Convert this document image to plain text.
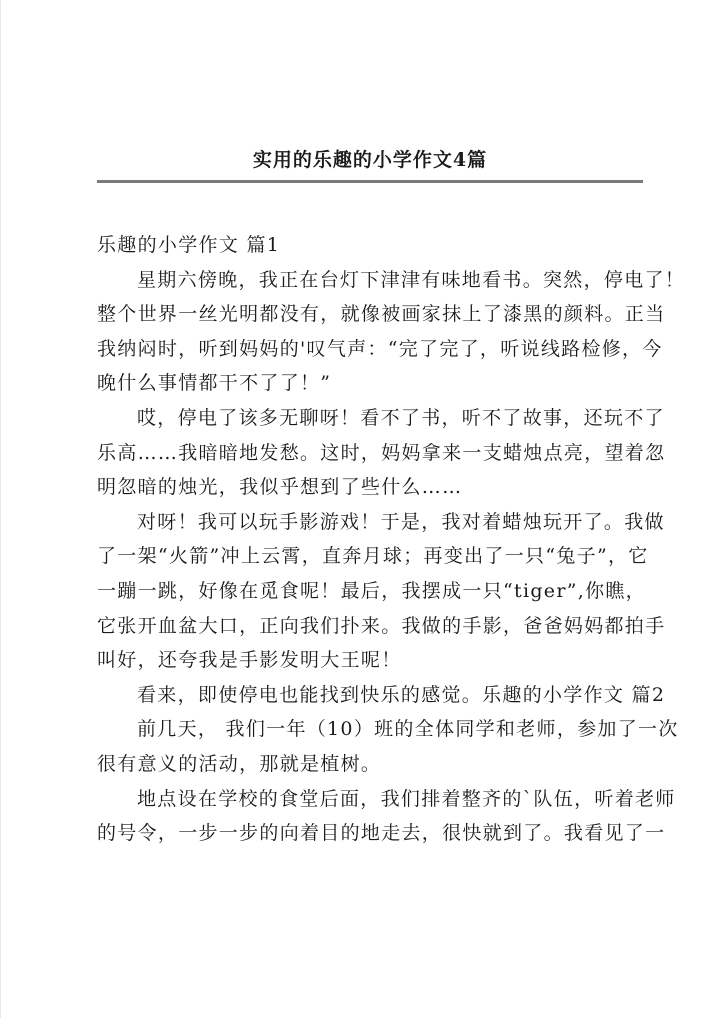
实用的乐趣的小学作文4篇
乐趣的小学作文 篇1
星期六傍晚，我正在台灯下津津有味地看书。突然，停电了！
整个世界一丝光明都没有，就像被画家抹上了漆黑的颜料。正当
我纳闷时，听到妈妈的'叹气声：“完了完了，听说线路检修，今
晚什么事情都干不了了！”
哎，停电了该多无聊呀！看不了书，听不了故事，还玩不了
乐高……我暗暗地发愁。这时，妈妈拿来一支蜡烛点亮，望着忽
明忽暗的烛光，我似乎想到了些什么……
对呀！我可以玩手影游戏！于是，我对着蜡烛玩开了。我做
了一架“火箭”冲上云霄，直奔月球；再变出了一只“兔子”，它
一蹦一跳，好像在觅食呢！最后，我摆成一只“tiger”,你瞧，
它张开血盆大口，正向我们扑来。我做的手影，爸爸妈妈都拍手
叫好，还夸我是手影发明大王呢！
看来，即使停电也能找到快乐的感觉。乐趣的小学作文 篇2
前几天， 我们一年（10）班的全体同学和老师，参加了一次
很有意义的活动，那就是植树。
地点设在学校的食堂后面，我们排着整齐的`队伍，听着老师
的号令，一步一步的向着目的地走去，很快就到了。我看见了一
